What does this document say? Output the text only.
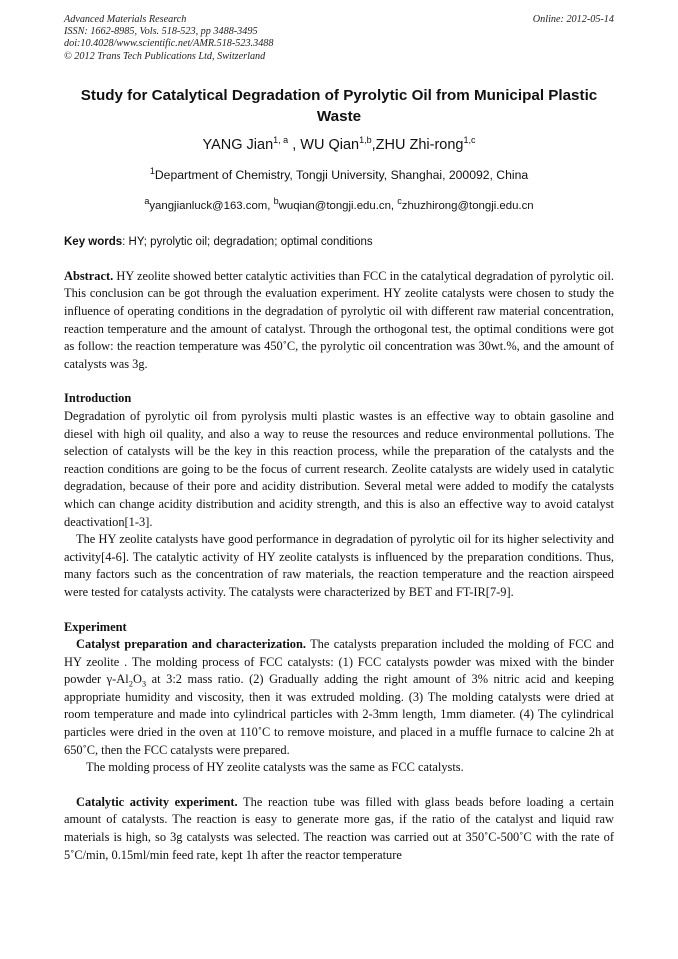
Advanced Materials Research
ISSN: 1662-8985, Vols. 518-523, pp 3488-3495
doi:10.4028/www.scientific.net/AMR.518-523.3488
© 2012 Trans Tech Publications Ltd, Switzerland
Online: 2012-05-14
Study for Catalytical Degradation of Pyrolytic Oil from Municipal Plastic Waste
YANG Jian$^{1, a}$ , WU Qian$^{1,b}$,ZHU Zhi-rong$^{1,c}$
$^1$Department of Chemistry, Tongji University, Shanghai, 200092, China
$^a$yangjianluck@163.com, $^b$wuqian@tongji.edu.cn, $^c$zhuzhirong@tongji.edu.cn
Key words: HY; pyrolytic oil; degradation; optimal conditions

Abstract. HY zeolite showed better catalytic activities than FCC in the catalytical degradation of pyrolytic oil. This conclusion can be got through the evaluation experiment. HY zeolite catalysts were chosen to study the influence of operating conditions in the degradation of pyrolytic oil with different raw material concentration, reaction temperature and the amount of catalyst. Through the orthogonal test, the optimal conditions were got as follow: the reaction temperature was 450˚C, the pyrolytic oil concentration was 30wt.%, and the amount of catalysts was 3g.

Introduction

Degradation of pyrolytic oil from pyrolysis multi plastic wastes is an effective way to obtain gasoline and diesel with high oil quality, and also a way to reuse the resources and reduce environmental pollutions. The selection of catalysts will be the key in this reaction process, while the preparation of the catalysts and the reaction conditions are going to be the focus of current research. Zeolite catalysts are widely used in catalytic degradation, because of their pore and acidity distribution. Several metal were added to modify the catalysts which can change acidity distribution and acidity strength, and this is also an effective way to avoid catalyst deactivation[1-3].

The HY zeolite catalysts have good performance in degradation of pyrolytic oil for its higher selectivity and activity[4-6]. The catalytic activity of HY zeolite catalysts is influenced by the preparation conditions. Thus, many factors such as the concentration of raw materials, the reaction temperature and the reaction airspeed were tested for catalysts activity. The catalysts were characterized by BET and FT-IR[7-9].

Experiment

Catalyst preparation and characterization. The catalysts preparation included the molding of FCC and HY zeolite . The molding process of FCC catalysts: (1) FCC catalysts powder was mixed with the binder powder $\gamma-Al_2O_3$ at 3:2 mass ratio. (2) Gradually adding the right amount of 3% nitric acid and keeping appropriate humidity and viscosity, then it was extruded molding. (3) The molding catalysts were dried at room temperature and made into cylindrical particles with 2-3mm length, 1mm diameter. (4) The cylindrical particles were dried in the oven at 110˚C to remove moisture, and placed in a muffle furnace to calcine 2h at 650˚C, then the FCC catalysts were prepared.

The molding process of HY zeolite catalysts was the same as FCC catalysts.

Catalytic activity experiment. The reaction tube was filled with glass beads before loading a certain amount of catalysts. The reaction is easy to generate more gas, if the ratio of the catalyst and liquid raw materials is high, so 3g catalysts was selected. The reaction was carried out at 350˚C-500˚C with the rate of 5˚C/min, 0.15ml/min feed rate, kept 1h after the reactor temperature
